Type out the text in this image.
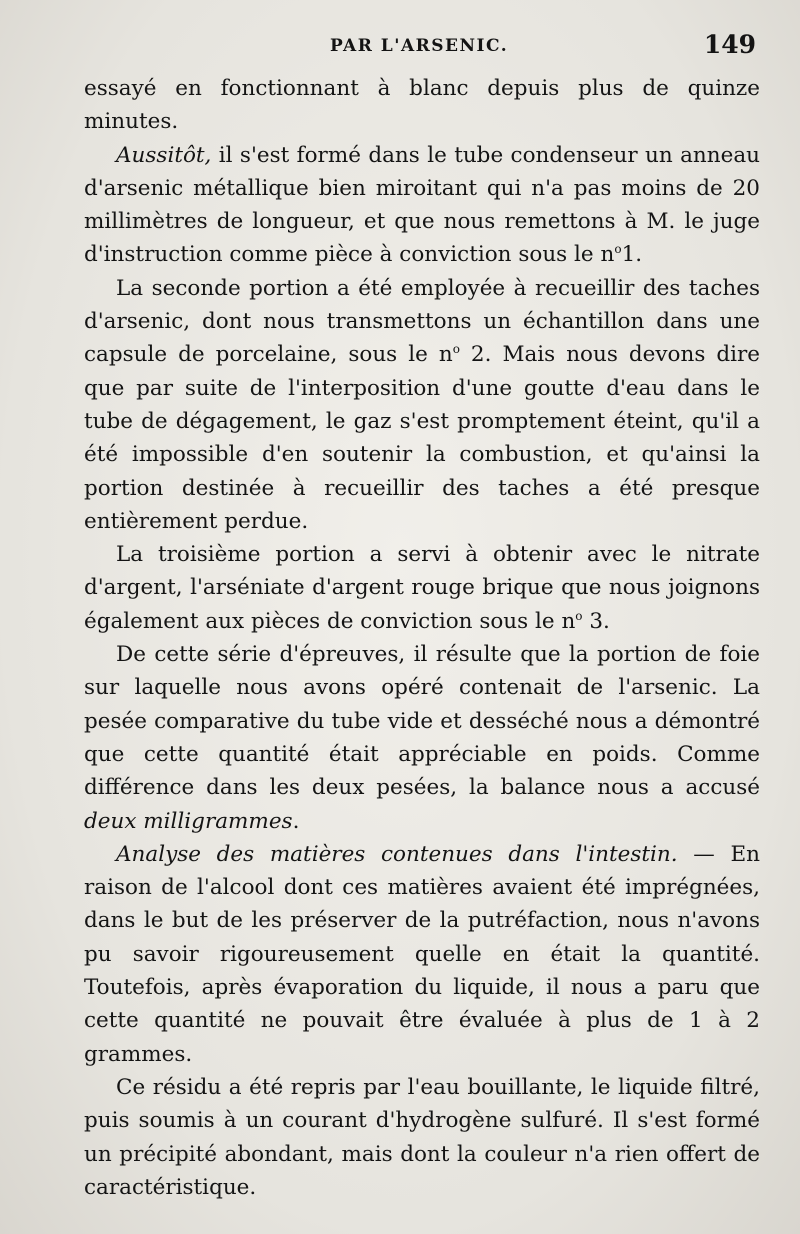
PAR L'ARSENIC.	149

essayé en fonctionnant à blanc depuis plus de quinze minutes.

Aussitôt, il s'est formé dans le tube condenseur un anneau d'arsenic métallique bien miroitant qui n'a pas moins de 20 millimètres de longueur, et que nous remettons à M. le juge d'instruction comme pièce à conviction sous le $n^o1$.

La seconde portion a été employée à recueillir des taches d'arsenic, dont nous transmettons un échantillon dans une capsule de porcelaine, sous le $n^o$ 2. Mais nous devons dire que par suite de l'interposition d'une goutte d'eau dans le tube de dégagement, le gaz s'est promptement éteint, qu'il a été impossible d'en soutenir la combustion, et qu'ainsi la portion destinée à recueillir des taches a été presque entièrement perdue.

La troisième portion a servi à obtenir avec le nitrate d'argent, l'arséniate d'argent rouge brique que nous joignons également aux pièces de conviction sous le $n^o$ 3.

De cette série d'épreuves, il résulte que la portion de foie sur laquelle nous avons opéré contenait de l'arsenic. La pesée comparative du tube vide et desséché nous a démontré que cette quantité était appréciable en poids. Comme différence dans les deux pesées, la balance nous a accusé deux milligrammes.

Analyse des matières contenues dans l'intestin. — En raison de l'alcool dont ces matières avaient été imprégnées, dans le but de les préserver de la putréfaction, nous n'avons pu savoir rigoureusement quelle en était la quantité. Toutefois, après évaporation du liquide, il nous a paru que cette quantité ne pouvait être évaluée à plus de 1 à 2 grammes.

Ce résidu a été repris par l'eau bouillante, le liquide filtré, puis soumis à un courant d'hydrogène sulfuré. Il s'est formé un précipité abondant, mais dont la couleur n'a rien offert de caractéristique.
